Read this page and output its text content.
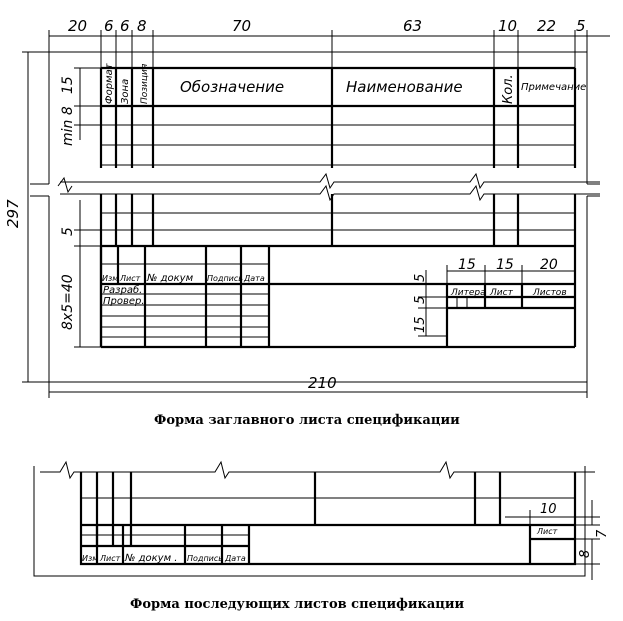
20 6 6 8	70	63	10 22 5
297
15
min 8
5
8x5=40
210
Формат Зона Позиция Обозначение	Наименование	Кол. Примечание
Изм Лист № докум Подпись Дата
Разраб.
Провер.
Литера Лист Листов
15 15 20
5
5
15
Форма заглавного листа спецификации
Лист
10
8
7
Изм Лист № докум . Подпись Дата
Форма последующих листов спецификации
